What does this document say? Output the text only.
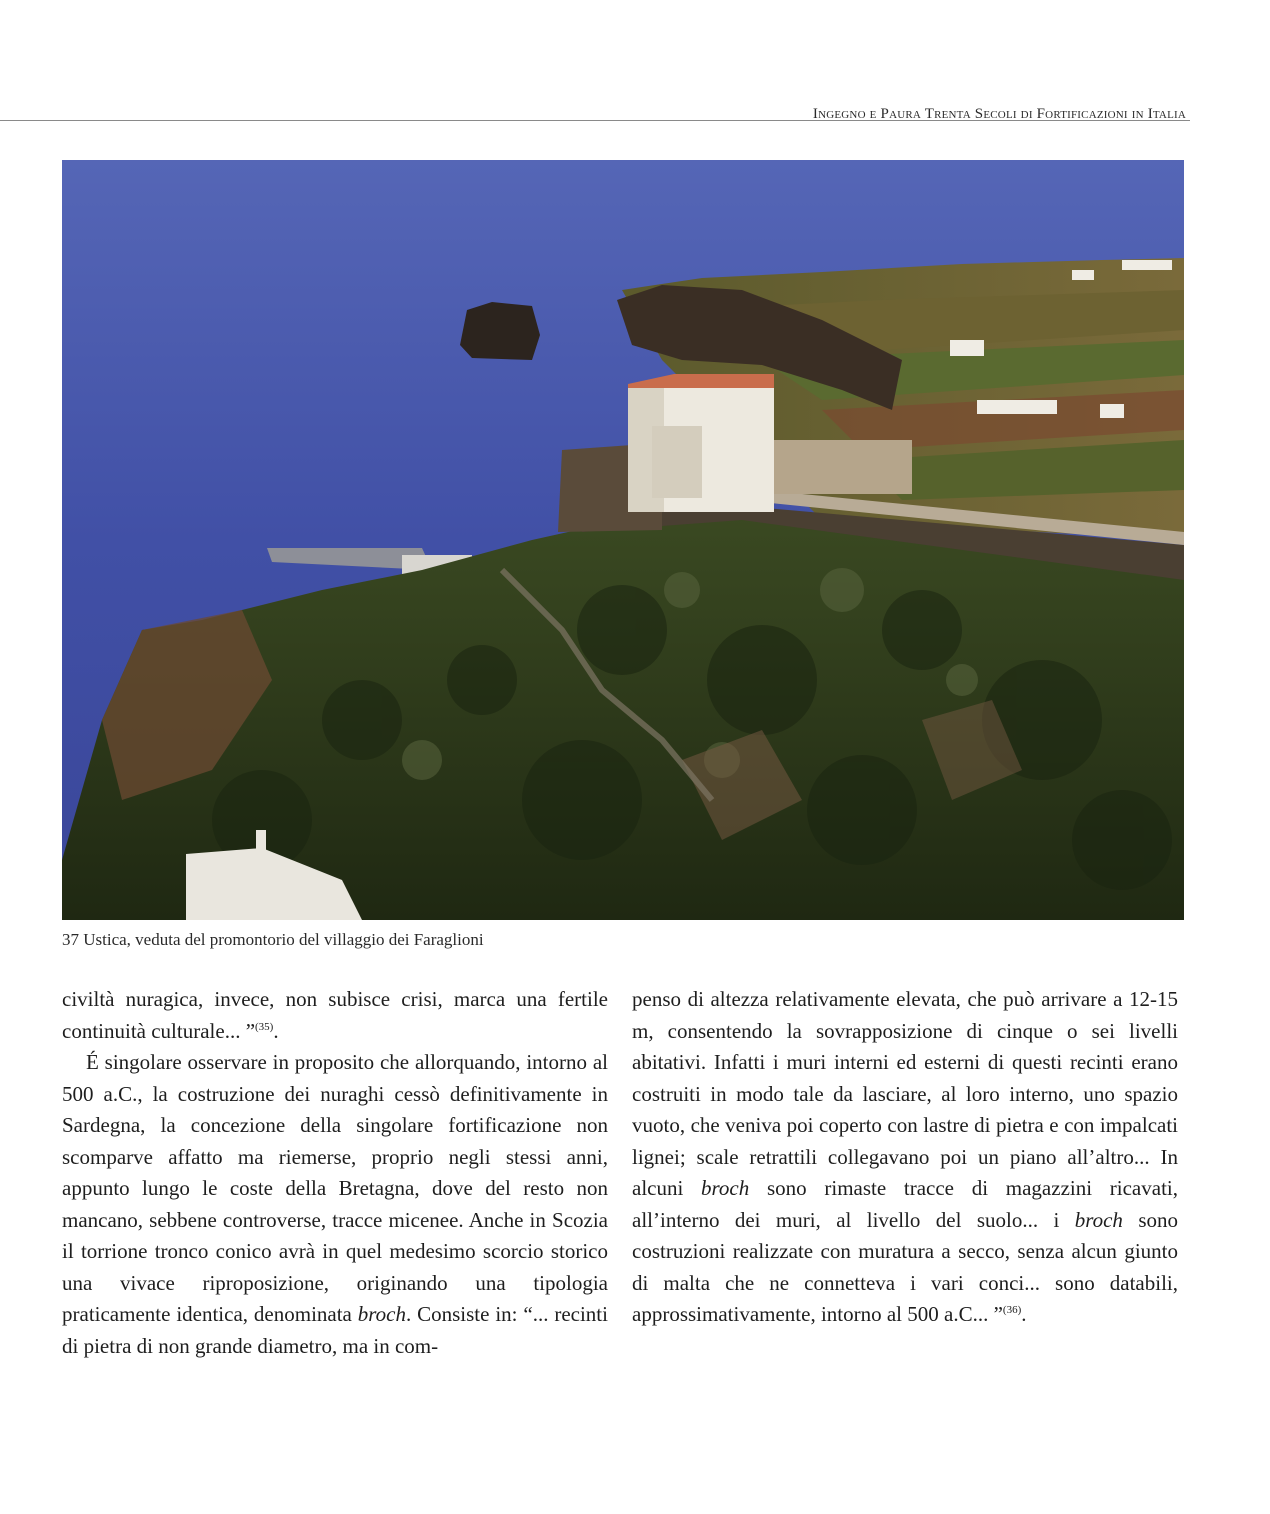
Ingegno e Paura Trenta Secoli di Fortificazioni in Italia
37 Ustica, veduta del promontorio del villaggio dei Faraglioni

civiltà nuragica, invece, non subisce crisi, marca una fertile continuità culturale... ”$^{(35)}$.

É singolare osservare in proposito che allorquando, intorno al 500 a.C., la costruzione dei nuraghi cessò definitivamente in Sardegna, la concezione della singolare fortificazione non scomparve affatto ma riemerse, proprio negli stessi anni, appunto lungo le coste della Bretagna, dove del resto non mancano, sebbene controverse, tracce micenee. Anche in Scozia il torrione tronco conico avrà in quel medesimo scorcio storico una vivace riproposizione, originando una tipologia praticamente identica, denominata broch. Consiste in: “... recinti di pietra di non grande diametro, ma in com-

penso di altezza relativamente elevata, che può arrivare a 12-15 m, consentendo la sovrapposizione di cinque o sei livelli abitativi. Infatti i muri interni ed esterni di questi recinti erano costruiti in modo tale da lasciare, al loro interno, uno spazio vuoto, che veniva poi coperto con lastre di pietra e con impalcati lignei; scale retrattili collegavano poi un piano all’altro... In alcuni broch sono rimaste tracce di magazzini ricavati, all’interno dei muri, al livello del suolo... i broch sono costruzioni realizzate con muratura a secco, senza alcun giunto di malta che ne connetteva i vari conci... sono databili, approssimativamente, intorno al 500 a.C... ”$^{(36)}$.
